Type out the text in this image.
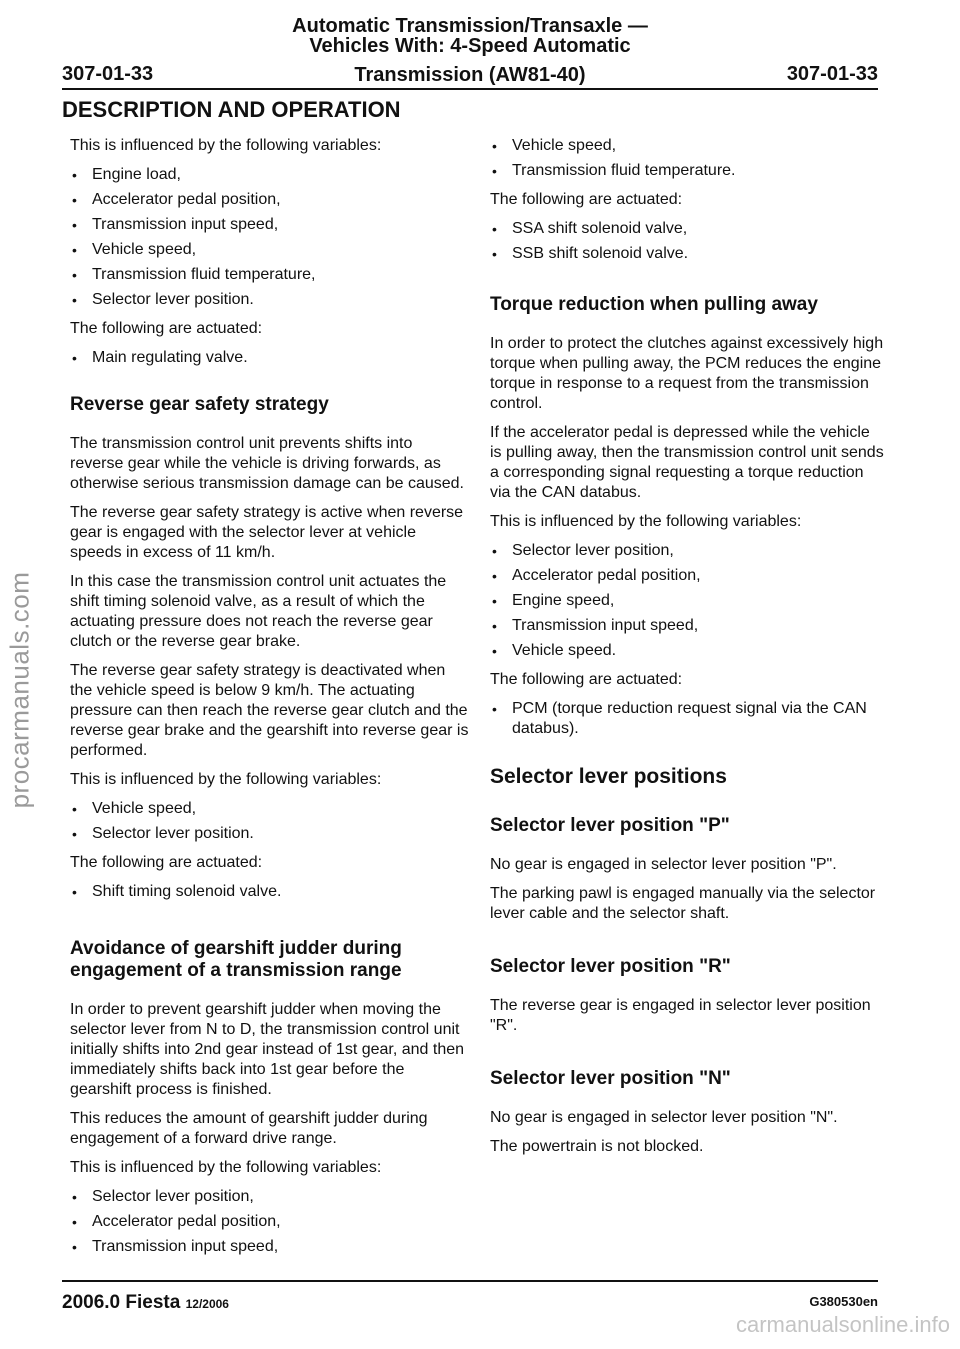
procarmanuals.com
Automatic Transmission/Transaxle —
Vehicles With: 4-Speed Automatic
Transmission (AW81-40)
307-01-33	307-01-33
DESCRIPTION AND OPERATION

This is influenced by the following variables:

• Engine load,
• Accelerator pedal position,
• Transmission input speed,
• Vehicle speed,
• Transmission fluid temperature,
• Selector lever position.

The following are actuated:

• Main regulating valve.
Reverse gear safety strategy

The transmission control unit prevents shifts into reverse gear while the vehicle is driving forwards, as otherwise serious transmission damage can be caused.

The reverse gear safety strategy is active when reverse gear is engaged with the selector lever at vehicle speeds in excess of 11 km/h.

In this case the transmission control unit actuates the shift timing solenoid valve, as a result of which the actuating pressure does not reach the reverse gear clutch or the reverse gear brake.

The reverse gear safety strategy is deactivated when the vehicle speed is below 9 km/h. The actuating pressure can then reach the reverse gear clutch and the reverse gear brake and the gearshift into reverse gear is performed.

This is influenced by the following variables:

• Vehicle speed,
• Selector lever position.

The following are actuated:

• Shift timing solenoid valve.
Avoidance of gearshift judder during engagement of a transmission range

In order to prevent gearshift judder when moving the selector lever from N to D, the transmission control unit initially shifts into 2nd gear instead of 1st gear, and then immediately shifts back into 1st gear before the gearshift process is finished.

This reduces the amount of gearshift judder during engagement of a forward drive range.

This is influenced by the following variables:

• Selector lever position,
• Accelerator pedal position,
• Transmission input speed,
• Vehicle speed,
• Transmission fluid temperature.

The following are actuated:

• SSA shift solenoid valve,
• SSB shift solenoid valve.
Torque reduction when pulling away

In order to protect the clutches against excessively high torque when pulling away, the PCM reduces the engine torque in response to a request from the transmission control.

If the accelerator pedal is depressed while the vehicle is pulling away, then the transmission control unit sends a corresponding signal requesting a torque reduction via the CAN databus.

This is influenced by the following variables:

• Selector lever position,
• Accelerator pedal position,
• Engine speed,
• Transmission input speed,
• Vehicle speed.

The following are actuated:

• PCM (torque reduction request signal via the CAN databus).
Selector lever positions
Selector lever position "P"

No gear is engaged in selector lever position "P".

The parking pawl is engaged manually via the selector lever cable and the selector shaft.

Selector lever position "R"

The reverse gear is engaged in selector lever position "R".

Selector lever position "N"

No gear is engaged in selector lever position "N".

The powertrain is not blocked.

2006.0 Fiesta 12/2006	G380530en
carmanualsonline.info
